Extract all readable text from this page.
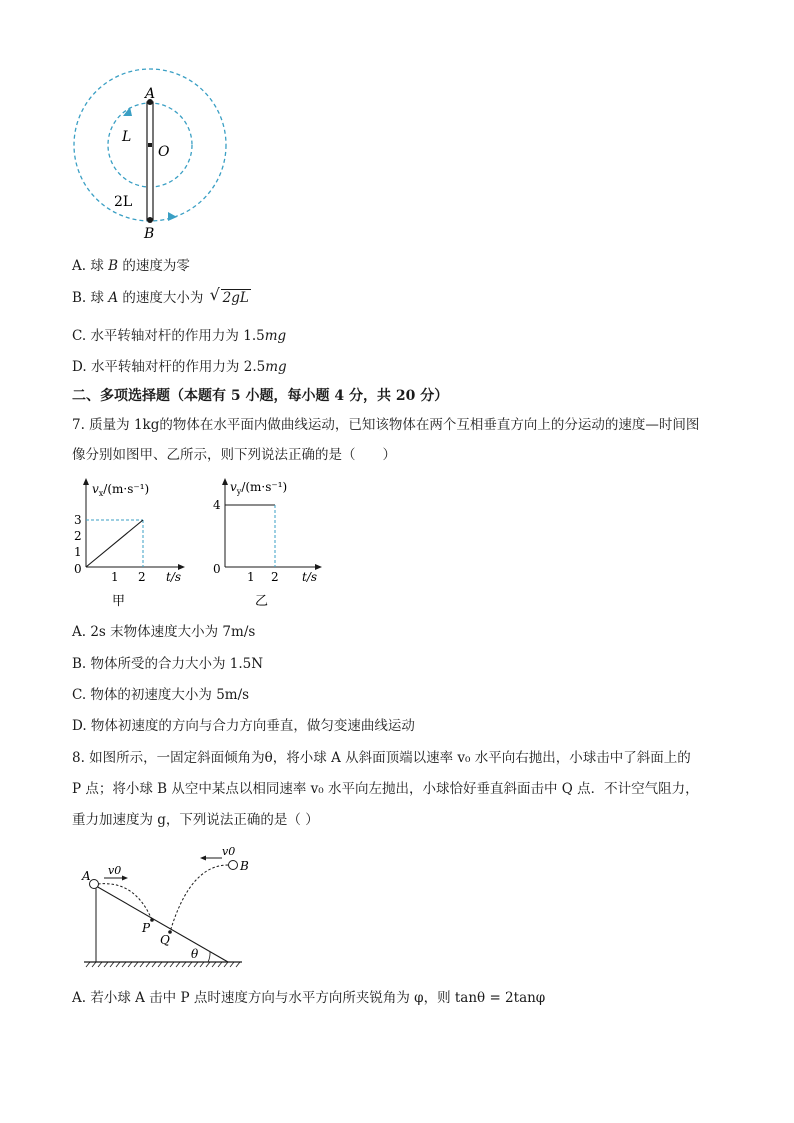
A
B
O
L
2L
A. 球 B 的速度为零
B. 球 A 的速度大小为 √ 2gL
C. 水平转轴对杆的作用力为 1.5mg
D. 水平转轴对杆的作用力为 2.5mg
二、多项选择题（本题有 5 小题，每小题 4 分，共 20 分）
7. 质量为 1kg的物体在水平面内做曲线运动，已知该物体在两个互相垂直方向上的分运动的速度—时间图
像分别如图甲、乙所示，则下列说法正确的是（　　）
$v_x/(m\cdot s^{-1})$
3
2
1
0
1 2 t/s
甲
$v_y/(m\cdot s^{-1})$
4
0
1 2 t/s
乙
A. 2s 末物体速度大小为 7m/s
B. 物体所受的合力大小为 1.5N
C. 物体的初速度大小为 5m/s
D. 物体初速度的方向与合力方向垂直，做匀变速曲线运动
8. 如图所示，一固定斜面倾角为θ，将小球 A 从斜面顶端以速率 v₀ 水平向右抛出，小球击中了斜面上的
P 点；将小球 B 从空中某点以相同速率 v₀ 水平向左抛出，小球恰好垂直斜面击中 Q 点．不计空气阻力，
重力加速度为 g，下列说法正确的是（ ）
A
B
v0
v0
P
Q
θ
A. 若小球 A 击中 P 点时速度方向与水平方向所夹锐角为 φ，则 tanθ = 2tanφ
